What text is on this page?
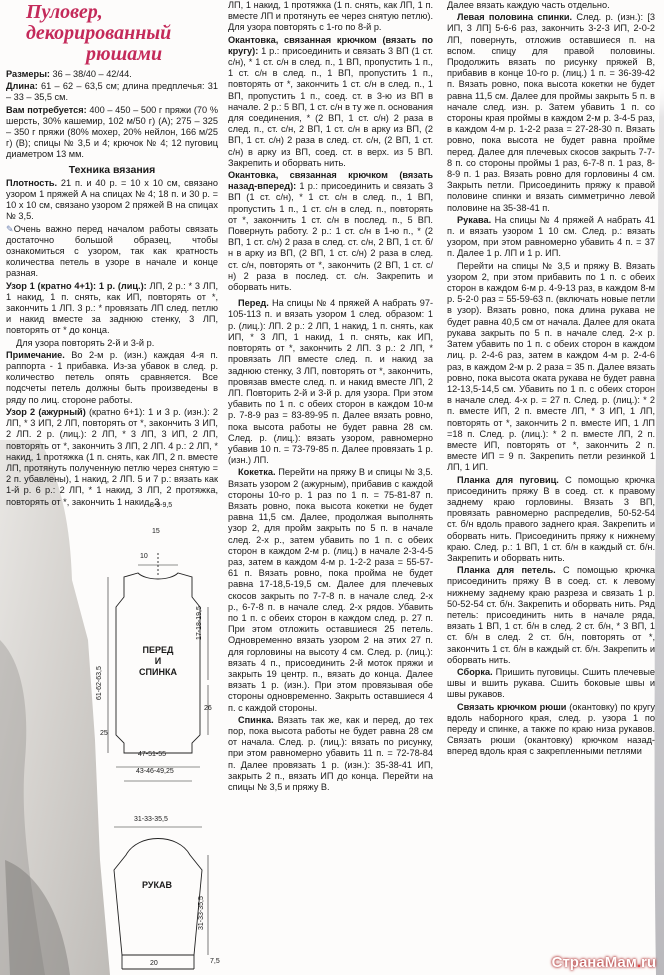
Пуловер,
декорированный
рюшами

Размеры: 36 – 38/40 – 42/44.

Длина: 61 – 62 – 63,5 см; длина предплечья: 31 – 33 – 35,5 см.

Вам потребуется: 400 – 450 – 500 г пряжи (70 % шерсть, 30% кашемир, 102 м/50 г) (А); 275 – 325 – 350 г пряжи (80% мохер, 20% нейлон, 166 м/25 г) (В); спицы № 3,5 и 4; крючок № 4; 12 пуговиц диаметром 13 мм.

Техника вязания

Плотность. 21 п. и 40 р. = 10 х 10 см, связано узором 1 пряжей А на спицах № 4; 18 п. и 30 р. = 10 х 10 см, связано узором 2 пряжей В на спицах № 3,5.

✎Очень важно перед началом работы связать достаточно большой образец, чтобы ознакомиться с узором, так как кратность количества петель в узоре в начале и конце разная.

Узор 1 (кратно 4+1): 1 р. (лиц.): ЛП, 2 р.: * 3 ЛП, 1 накид, 1 п. снять, как ИП, повторять от *, закончить 1 ЛП. 3 р.: * провязать ЛП след. петлю и накид вместе за заднюю стенку, 3 ЛП, повторять от * до конца.

Для узора повторять 2-й и 3-й р.

Примечание. Во 2-м р. (изн.) каждая 4-я п. раппорта - 1 прибавка. Из-за убавок в след. р. количество петель опять сравняется. Все подсчеты петель должны быть произведены в ряду по лиц. стороне работы.

Узор 2 (ажурный) (кратно 6+1): 1 и 3 р. (изн.): 2 ЛП, * 3 ИП, 2 ЛП, повторять от *, закончить 3 ИП, 2 ЛП. 2 р. (лиц.): 2 ЛП, * 3 ЛП, 3 ИП, 2 ЛП, повторять от *, закончить 3 ЛП, 2 ЛП. 4 р.: 2 ЛП, * накид, 1 протяжка (1 п. снять, как ЛП, 2 п. вместе ЛП, протянуть полученную петлю через снятую = 2 п. убавлены), 1 накид, 2 ЛП. 5 и 7 р.: вязать как 1-й р. 6 р.: 2 ЛП, * 1 накид, 3 ЛП, 2 протяжка, повторять от *, закончить 1 накид, 3

8-9-9,5
15
10
17-18-19,5
61-62-63,5
25
26
ПЕРЕД
И
СПИНКА
47-51-55
43-46-49,25
31-33-35,5
РУКАВ
20
31-33-35,5
7,5

ЛП, 1 накид, 1 протяжка (1 п. снять, как ЛП, 1 п. вместе ЛП и протянуть ее через снятую петлю). Для узора повторять с 1-го по 8-й р.

Окантовка, связанная крючком (вязать по кругу): 1 р.: присоединить и связать 3 ВП (1 ст. с/н), * 1 ст. с/н в след. п., 1 ВП, пропустить 1 п., 1 ст. с/н в след. п., 1 ВП, пропустить 1 п., повторять от *, закончить 1 ст. с/н в след. п., 1 ВП, пропустить 1 п., соед. ст. в 3-ю из ВП в начале. 2 р.: 5 ВП, 1 ст. с/н в ту же п. основания для соединения, * (2 ВП, 1 ст. с/н) 2 раза в след. п., ст. с/н, 2 ВП, 1 ст. с/н в арку из ВП, (2 ВП, 1 ст. с/н) 2 раза в след. ст. с/н, (2 ВП, 1 ст. с/н) в арку из ВП, соед. ст. в верх. из 5 ВП. Закрепить и оборвать нить.

Окантовка, связанная крючком (вязать назад-вперед): 1 р.: присоединить и связать 3 ВП (1 ст. с/н), * 1 ст. с/н в след. п., 1 ВП, пропустить 1 п., 1 ст. с/н в след. п., повторять от *, закончить 1 ст. с/н в послед. п., 5 ВП. Повернуть работу. 2 р.: 1 ст. с/н в 1-ю п., * (2 ВП, 1 ст. с/н) 2 раза в след. ст. с/н, 2 ВП, 1 ст. б/н в арку из ВП, (2 ВП, 1 ст. с/н) 2 раза в след. ст. с/н, повторять от *, закончить (2 ВП, 1 ст. с/н) 2 раза в послед. ст. с/н. Закрепить и оборвать нить.

Перед. На спицы № 4 пряжей А набрать 97-105-113 п. и вязать узором 1 след. образом: 1 р. (лиц.): ЛП. 2 р.: 2 ЛП, 1 накид, 1 п. снять, как ИП, * 3 ЛП, 1 накид, 1 п. снять, как ИП, повторять от *, закончить 2 ЛП. 3 р.: 2 ЛП, * провязать ЛП вместе след. п. и накид за заднюю стенку, 3 ЛП, повторять от *, закончить, провязав вместе след. п. и накид вместе ЛП, 2 ЛП. Повторить 2-й и 3-й р. для узора. При этом убавить по 1 п. с обеих сторон в каждом 10-м р. 7-8-9 раз = 83-89-95 п. Далее вязать ровно, пока высота работы не будет равна 28 см. След. р. (лиц.): вязать узором, равномерно убавив 10 п. = 73-79-85 п. Далее провязать 1 р. (изн.) ЛП.

Кокетка. Перейти на пряжу В и спицы № 3,5. Вязать узором 2 (ажурным), прибавив с каждой стороны 10-го р. 1 раз по 1 п. = 75-81-87 п. Вязать ровно, пока высота кокетки не будет равна 11,5 см. Далее, продолжая выполнять узор 2, для пройм закрыть по 5 п. в начале след. 2-х р., затем убавить по 1 п. с обеих сторон в каждом 2-м р. (лиц.) в начале 2-3-4-5 раз, затем в каждом 4-м р. 1-2-2 раза = 55-57-61 п. Вязать ровно, пока пройма не будет равна 17-18,5-19,5 см. Далее для плечевых скосов закрыть по 7-7-8 п. в начале след. 2-х р., 6-7-8 п. в начале след. 2-х рядов. Убавить по 1 п. с обеих сторон в каждом след. р. 27 п. При этом отложить оставшиеся 25 петель. Одновременно вязать узором 2 на этих 27 п. для горловины на высоту 4 см. След. р. (лиц.): вязать 4 п., присоединить 2-й моток пряжи и закрыть 19 центр. п., вязать до конца. Далее вязать 1 р. (изн.). При этом провязывая обе стороны одновременно. Закрыть оставшиеся 4 п. с каждой стороны.

Спинка. Вязать так же, как и перед, до тех пор, пока высота работы не будет равна 28 см от начала. След. р. (лиц.): вязать по рисунку, при этом равномерно убавить 11 п. = 72-78-84 п. Далее провязать 1 р. (изн.): 35-38-41 ИП, закрыть 2 п., вязать ИП до конца. Перейти на спицы № 3,5 и пряжу В.

Далее вязать каждую часть отдельно.

Левая половина спинки. След. р. (изн.): [3 ИП, 3 ЛП] 5-6-6 раз, закончить 3-2-3 ИП, 2-0-2 ЛП, повернуть, отложив оставшиеся п. на вспом. спицу для правой половины. Продолжить вязать по рисунку пряжей В, прибавив в конце 10-го р. (лиц.) 1 п. = 36-39-42 п. Вязать ровно, пока высота кокетки не будет равна 11,5 см. Далее для проймы закрыть 5 п. в начале след. изн. р. Затем убавить 1 п. со стороны края проймы в каждом 2-м р. 3-4-5 раз, в каждом 4-м р. 1-2-2 раза = 27-28-30 п. Вязать ровно, пока высота не будет равна пройме перед. Далее для плечевых скосов закрыть 7-7-8 п. со стороны проймы 1 раз, 6-7-8 п. 1 раз, 8-8-9 п. 1 раз. Вязать ровно для горловины 4 см. Закрыть петли. Присоединить пряжу к правой половине спинки и вязать симметрично левой половине на 35-38-41 п.

Рукава. На спицы № 4 пряжей А набрать 41 п. и вязать узором 1 10 см. След. р.: вязать узором, при этом равномерно убавить 4 п. = 37 п. Далее 1 р. ЛП и 1 р. ИП.

Перейти на спицы № 3,5 и пряжу В. Вязать узором 2, при этом прибавить по 1 п. с обеих сторон в каждом 6-м р. 4-9-13 раз, в каждом 8-м р. 5-2-0 раз = 55-59-63 п. (включать новые петли в узор). Вязать ровно, пока длина рукава не будет равна 40,5 см от начала. Далее для оката рукава закрыть по 5 п. в начале след. 2-х р. Затем убавить по 1 п. с обеих сторон в каждом лиц. р. 2-4-6 раз, затем в каждом 4-м р. 2-4-6 раз, в каждом 2-м р. 2 раза = 35 п. Далее вязать ровно, пока высота оката рукава не будет равна 12-13,5-14,5 см. Убавить по 1 п. с обеих сторон в начале след. 4-х р. = 27 п. След. р. (лиц.): * 2 п. вместе ИП, 2 п. вместе ЛП, * 3 ИП, 1 ЛП, повторять от *, закончить 2 п. вместе ИП, 1 ЛП =18 п. След. р. (лиц.): * 2 п. вместе ЛП, 2 п. вместе ИП, повторять от *, закончить 2 п. вместе ИП = 9 п. Закрепить петли резинкой 1 ЛП, 1 ИП.

Планка для пуговиц. С помощью крючка присоединить пряжу В в соед. ст. к правому заднему краю горловины. Вязать 3 ВП, провязать равномерно распределив, 50-52-54 ст. б/н вдоль правого заднего края. Закрепить и оборвать нить. Присоединить пряжу к нижнему краю. След. р.: 1 ВП, 1 ст. б/н в каждый ст. б/н. Закрепить и оборвать нить.

Планка для петель. С помощью крючка присоединить пряжу В в соед. ст. к левому нижнему заднему краю разреза и связать 1 р. 50-52-54 ст. б/н. Закрепить и оборвать нить. Ряд петель: присоединить нить в начале ряда, вязать 1 ВП, 1 ст. б/н в след. 2 ст. б/н, * 3 ВП, 1 ст. б/н в след. 2 ст. б/н, повторять от *, закончить 1 ст. б/н в каждый ст. б/н. Закрепить и оборвать нить.

Сборка. Пришить пуговицы. Сшить плечевые швы и вшить рукава. Сшить боковые швы и швы рукавов.

Связать крючком рюши (окантовку) по кругу вдоль наборного края, след. р. узора 1 по переду и спинке, а также по краю низа рукавов. Связать рюши (окантовку) крючком назад-вперед вдоль края с закрепленными петлями

СтранаМам.ru
